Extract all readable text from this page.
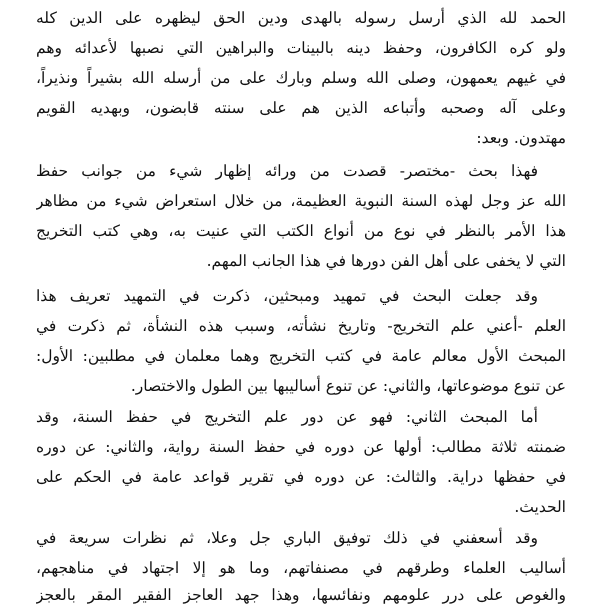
الحمد لله الذي أرسل رسوله بالهدى ودين الحق ليظهره على الدين كله
ولو كره الكافرون، وحفظ دينه بالبينات والبراهين التي نصبها لأعدائه وهم
في غيهم يعمهون، وصلى الله وسلم وبارك على من أرسله الله بشيراً ونذيراً،
وعلى آله وصحبه وأتباعه الذين هم على سنته قابضون، وبهديه القويم
مهتدون. وبعد:
فهذا بحث -مختصر- قصدت من ورائه إظهار شيء من جوانب حفظ
الله عز وجل لهذه السنة النبوية العظيمة، من خلال استعراض شيء من مظاهر
هذا الأمر بالنظر في نوع من أنواع الكتب التي عنيت به، وهي كتب التخريج
التي لا يخفى على أهل الفن دورها في هذا الجانب المهم.
وقد جعلت البحث في تمهيد ومبحثين، ذكرت في التمهيد تعريف هذا
العلم -أعني علم التخريج- وتاريخ نشأته، وسبب هذه النشأة، ثم ذكرت في
المبحث الأول معالم عامة في كتب التخريج وهما معلمان في مطلبين: الأول:
عن تنوع موضوعاتها، والثاني: عن تنوع أساليبها بين الطول والاختصار.
أما المبحث الثاني: فهو عن دور علم التخريج في حفظ السنة، وقد
ضمنته ثلاثة مطالب: أولها عن دوره في حفظ السنة رواية، والثاني: عن دوره
في حفظها دراية. والثالث: عن دوره في تقرير قواعد عامة في الحكم على
الحديث.
وقد أسعفني في ذلك توفيق الباري جل وعلا، ثم نظرات سريعة في
أساليب العلماء وطرقهم في مصنفاتهم، وما هو إلا اجتهاد في مناهجهم،
والغوص على درر علومهم ونفائسها، وهذا جهد العاجز الفقير المقر بالعجز
